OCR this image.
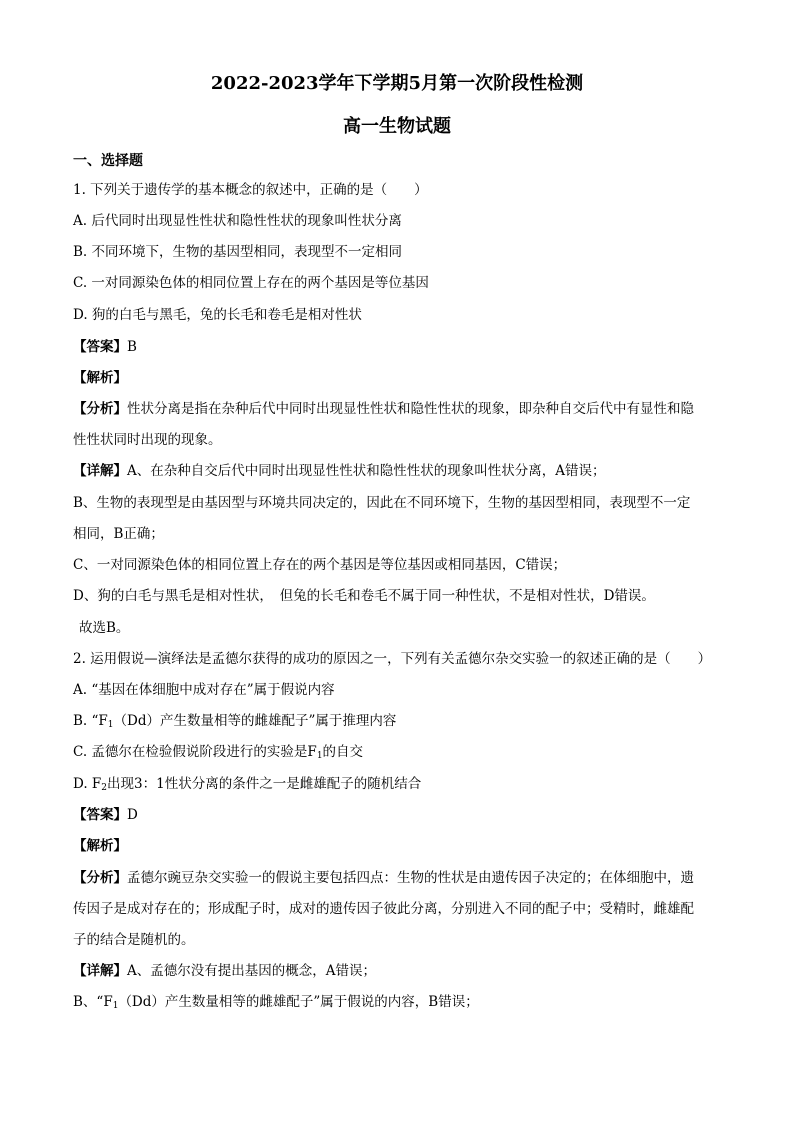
2022-2023学年下学期5月第一次阶段性检测
高一生物试题
一、选择题
1. 下列关于遗传学的基本概念的叙述中，正确的是（　　）
A. 后代同时出现显性性状和隐性性状的现象叫性状分离
B. 不同环境下，生物的基因型相同，表现型不一定相同
C. 一对同源染色体的相同位置上存在的两个基因是等位基因
D. 狗的白毛与黑毛，兔的长毛和卷毛是相对性状
【答案】B
【解析】
【分析】性状分离是指在杂种后代中同时出现显性性状和隐性性状的现象，即杂种自交后代中有显性和隐
性性状同时出现的现象。
【详解】A、在杂种自交后代中同时出现显性性状和隐性性状的现象叫性状分离，A错误；
B、生物的表现型是由基因型与环境共同决定的，因此在不同环境下，生物的基因型相同，表现型不一定
相同，B正确；
C、一对同源染色体的相同位置上存在的两个基因是等位基因或相同基因，C错误；
D、狗的白毛与黑毛是相对性状，　但兔的长毛和卷毛不属于同一种性状，不是相对性状，D错误。
故选B。
2. 运用假说—演绎法是孟德尔获得的成功的原因之一，下列有关孟德尔杂交实验一的叙述正确的是（　　）
A. “基因在体细胞中成对存在”属于假说内容
B. “$F_1(Dd)$产生数量相等的雌雄配子”属于推理内容
C. 孟德尔在检验假说阶段进行的实验是$F_1$的自交
D. $F_2$出现3：1性状分离的条件之一是雌雄配子的随机结合
【答案】D
【解析】
【分析】孟德尔豌豆杂交实验一的假说主要包括四点：生物的性状是由遗传因子决定的；在体细胞中，遗
传因子是成对存在的；形成配子时，成对的遗传因子彼此分离，分别进入不同的配子中；受精时，雌雄配
子的结合是随机的。
【详解】A、孟德尔没有提出基因的概念，A错误；
B、“$F_1(Dd)$产生数量相等的雌雄配子”属于假说的内容，B错误；
